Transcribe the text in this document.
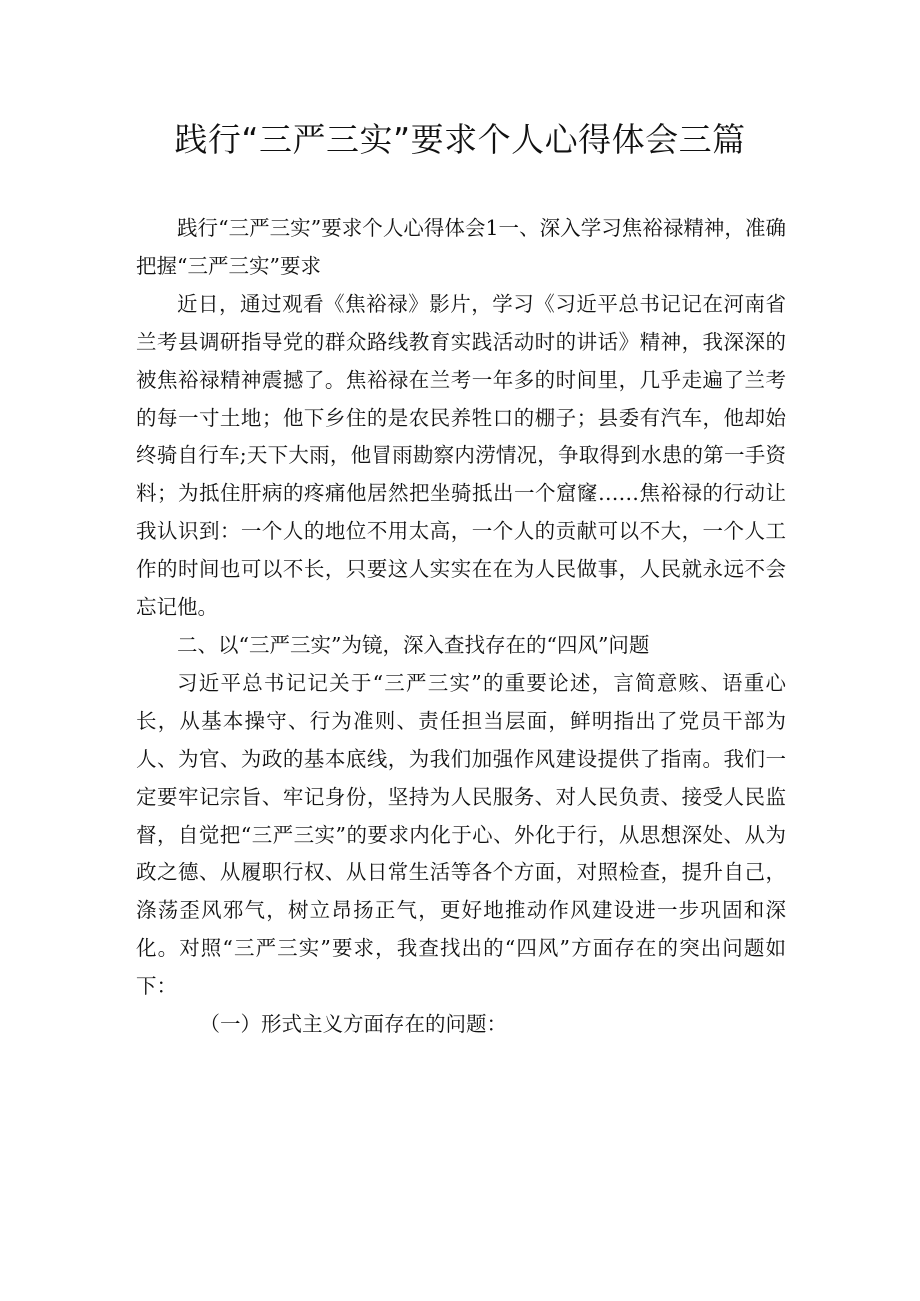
践行“三严三实”要求个人心得体会三篇

践行“三严三实”要求个人心得体会1一、深入学习焦裕禄精神，准确把握“三严三实”要求

近日，通过观看《焦裕禄》影片，学习《习近平总书记记在河南省兰考县调研指导党的群众路线教育实践活动时的讲话》精神，我深深的被焦裕禄精神震撼了。焦裕禄在兰考一年多的时间里，几乎走遍了兰考的每一寸土地；他下乡住的是农民养牲口的棚子；县委有汽车，他却始终骑自行车;天下大雨，他冒雨勘察内涝情况，争取得到水患的第一手资料；为抵住肝病的疼痛他居然把坐骑抵出一个窟窿……焦裕禄的行动让我认识到：一个人的地位不用太高，一个人的贡献可以不大，一个人工作的时间也可以不长，只要这人实实在在为人民做事，人民就永远不会忘记他。

二、以“三严三实”为镜，深入查找存在的“四风”问题

习近平总书记记关于“三严三实”的重要论述，言简意赅、语重心长，从基本操守、行为准则、责任担当层面，鲜明指出了党员干部为人、为官、为政的基本底线，为我们加强作风建设提供了指南。我们一定要牢记宗旨、牢记身份，坚持为人民服务、对人民负责、接受人民监督，自觉把“三严三实”的要求内化于心、外化于行，从思想深处、从为政之德、从履职行权、从日常生活等各个方面，对照检查，提升自己，涤荡歪风邪气，树立昂扬正气，更好地推动作风建设进一步巩固和深化。对照“三严三实”要求，我查找出的“四风”方面存在的突出问题如下：

（一）形式主义方面存在的问题：
